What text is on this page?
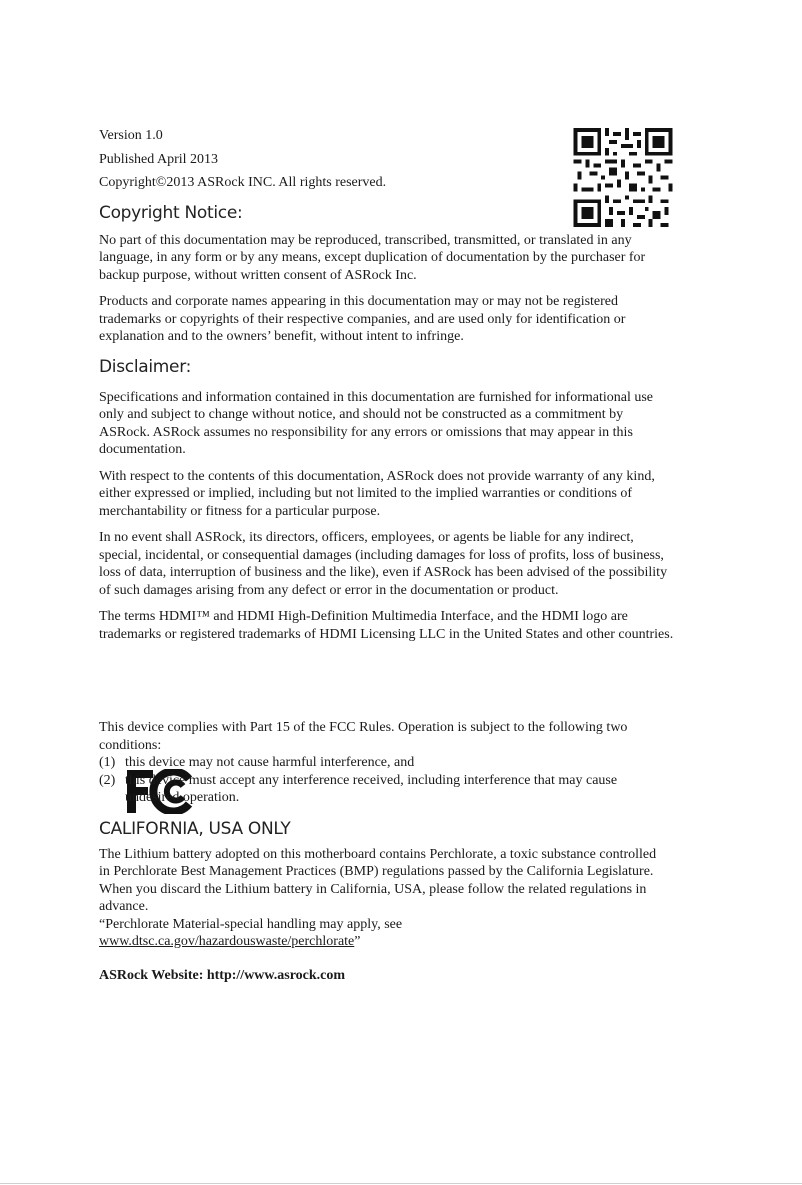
Version 1.0

Published April 2013

Copyright©2013 ASRock INC. All rights reserved.

Copyright Notice:

No part of this documentation may be reproduced, transcribed, transmitted, or translated in any language, in any form or by any means, except duplication of documentation by the purchaser for backup purpose, without written consent of ASRock Inc.

Products and corporate names appearing in this documentation may or may not be registered trademarks or copyrights of their respective companies, and are used only for identification or explanation and to the owners’ benefit, without intent to infringe.

Disclaimer:

Specifications and information contained in this documentation are furnished for informational use only and subject to change without notice, and should not be constructed as a commitment by ASRock. ASRock assumes no responsibility for any errors or omissions that may appear in this documentation.

With respect to the contents of this documentation, ASRock does not provide warranty of any kind, either expressed or implied, including but not limited to the implied warranties or conditions of merchantability or fitness for a particular purpose.

In no event shall ASRock, its directors, officers, employees, or agents be liable for any indirect, special, incidental, or consequential damages (including damages for loss of profits, loss of business, loss of data, interruption of business and the like), even if ASRock has been advised of the possibility of such damages arising from any defect or error in the documentation or product.

The terms HDMI™ and HDMI High-Definition Multimedia Interface, and the HDMI logo are trademarks or registered trademarks of HDMI Licensing LLC in the United States and other countries.

This device complies with Part 15 of the FCC Rules. Operation is subject to the following two conditions:

(1) this device may not cause harmful interference, and
(2) this device must accept any interference received, including interference that may cause undesired operation.
CALIFORNIA, USA ONLY

The Lithium battery adopted on this motherboard contains Perchlorate, a toxic substance controlled in Perchlorate Best Management Practices (BMP) regulations passed by the California Legislature. When you discard the Lithium battery in California, USA, please follow the related regulations in advance.

“Perchlorate Material-special handling may apply, see www.dtsc.ca.gov/hazardouswaste/perchlorate”

ASRock Website: http://www.asrock.com
